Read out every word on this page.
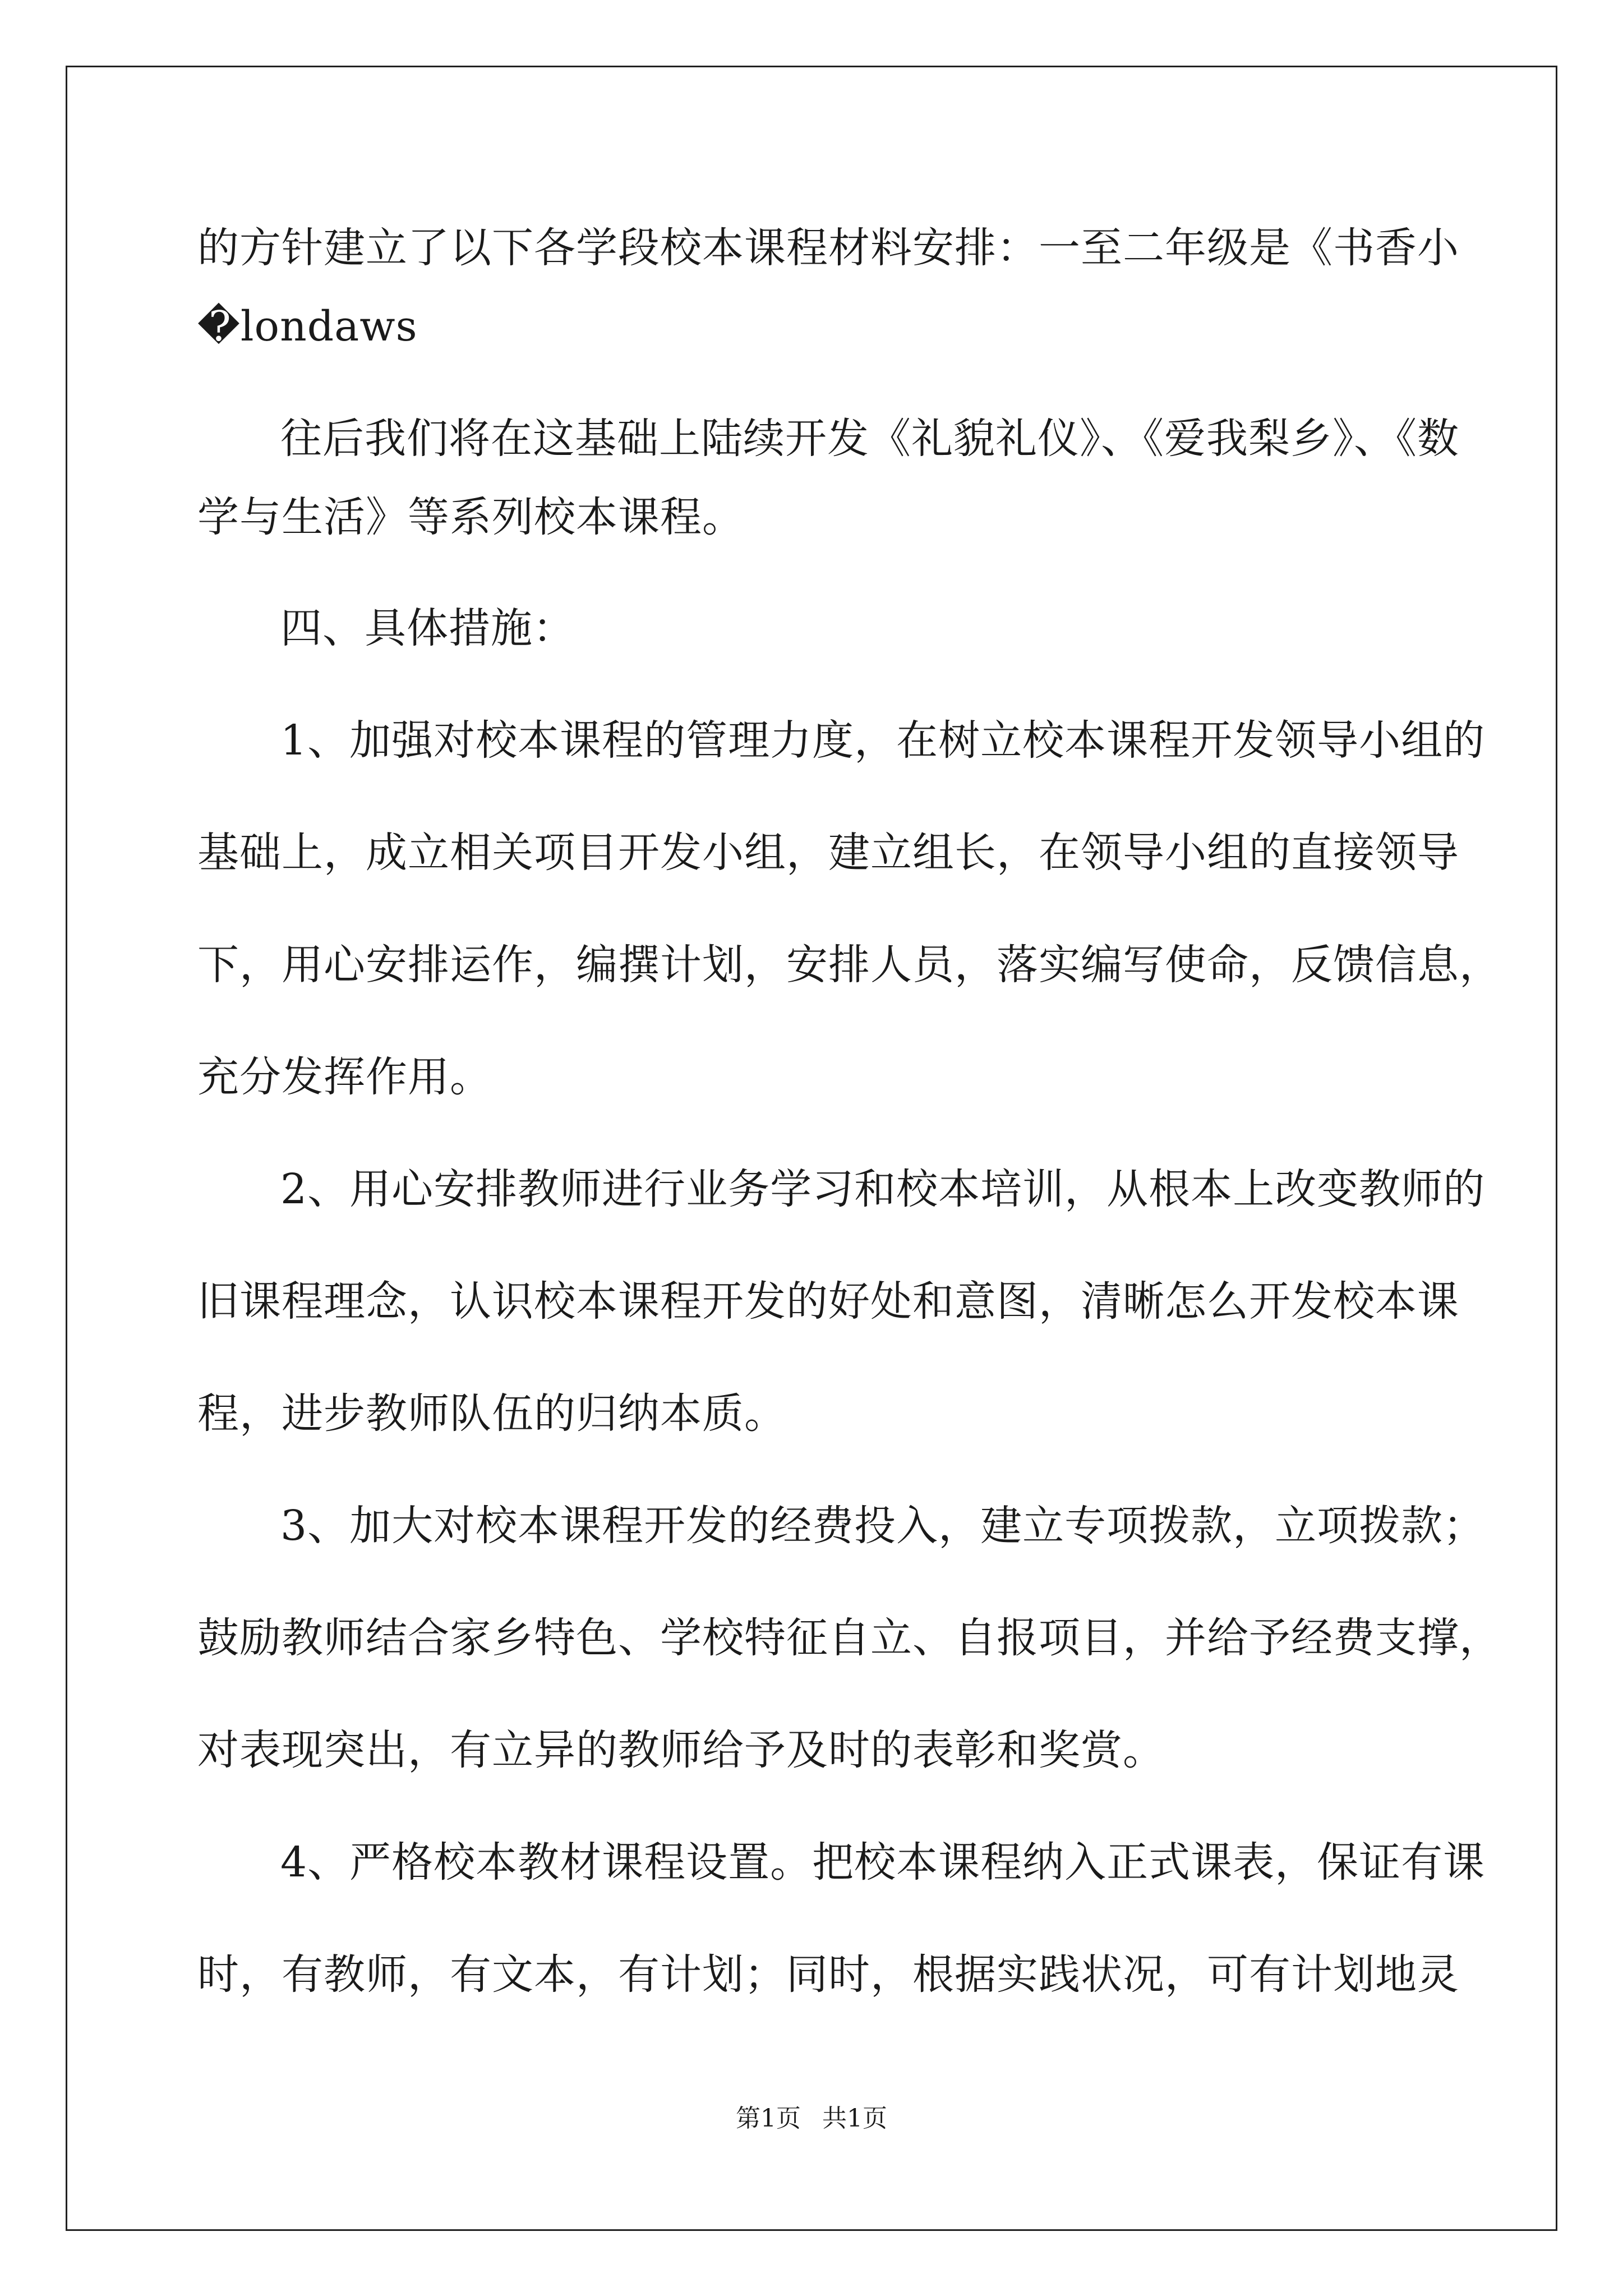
的方针建立了以下各学段校本课程材料安排：一至二年级是《书香小
�londaws
往后我们将在这基础上陆续开发《礼貌礼仪》、《爱我梨乡》、《数
学与生活》等系列校本课程。
四、具体措施：
1、加强对校本课程的管理力度，在树立校本课程开发领导小组的
基础上，成立相关项目开发小组，建立组长，在领导小组的直接领导
下，用心安排运作，编撰计划，安排人员，落实编写使命，反馈信息，
充分发挥作用。
2、用心安排教师进行业务学习和校本培训，从根本上改变教师的
旧课程理念，认识校本课程开发的好处和意图，清晰怎么开发校本课
程，进步教师队伍的归纳本质。
3、加大对校本课程开发的经费投入，建立专项拨款，立项拨款；
鼓励教师结合家乡特色、学校特征自立、自报项目，并给予经费支撑，
对表现突出，有立异的教师给予及时的表彰和奖赏。
4、严格校本教材课程设置。把校本课程纳入正式课表，保证有课
时，有教师，有文本，有计划；同时，根据实践状况，可有计划地灵
第1页 共1页
